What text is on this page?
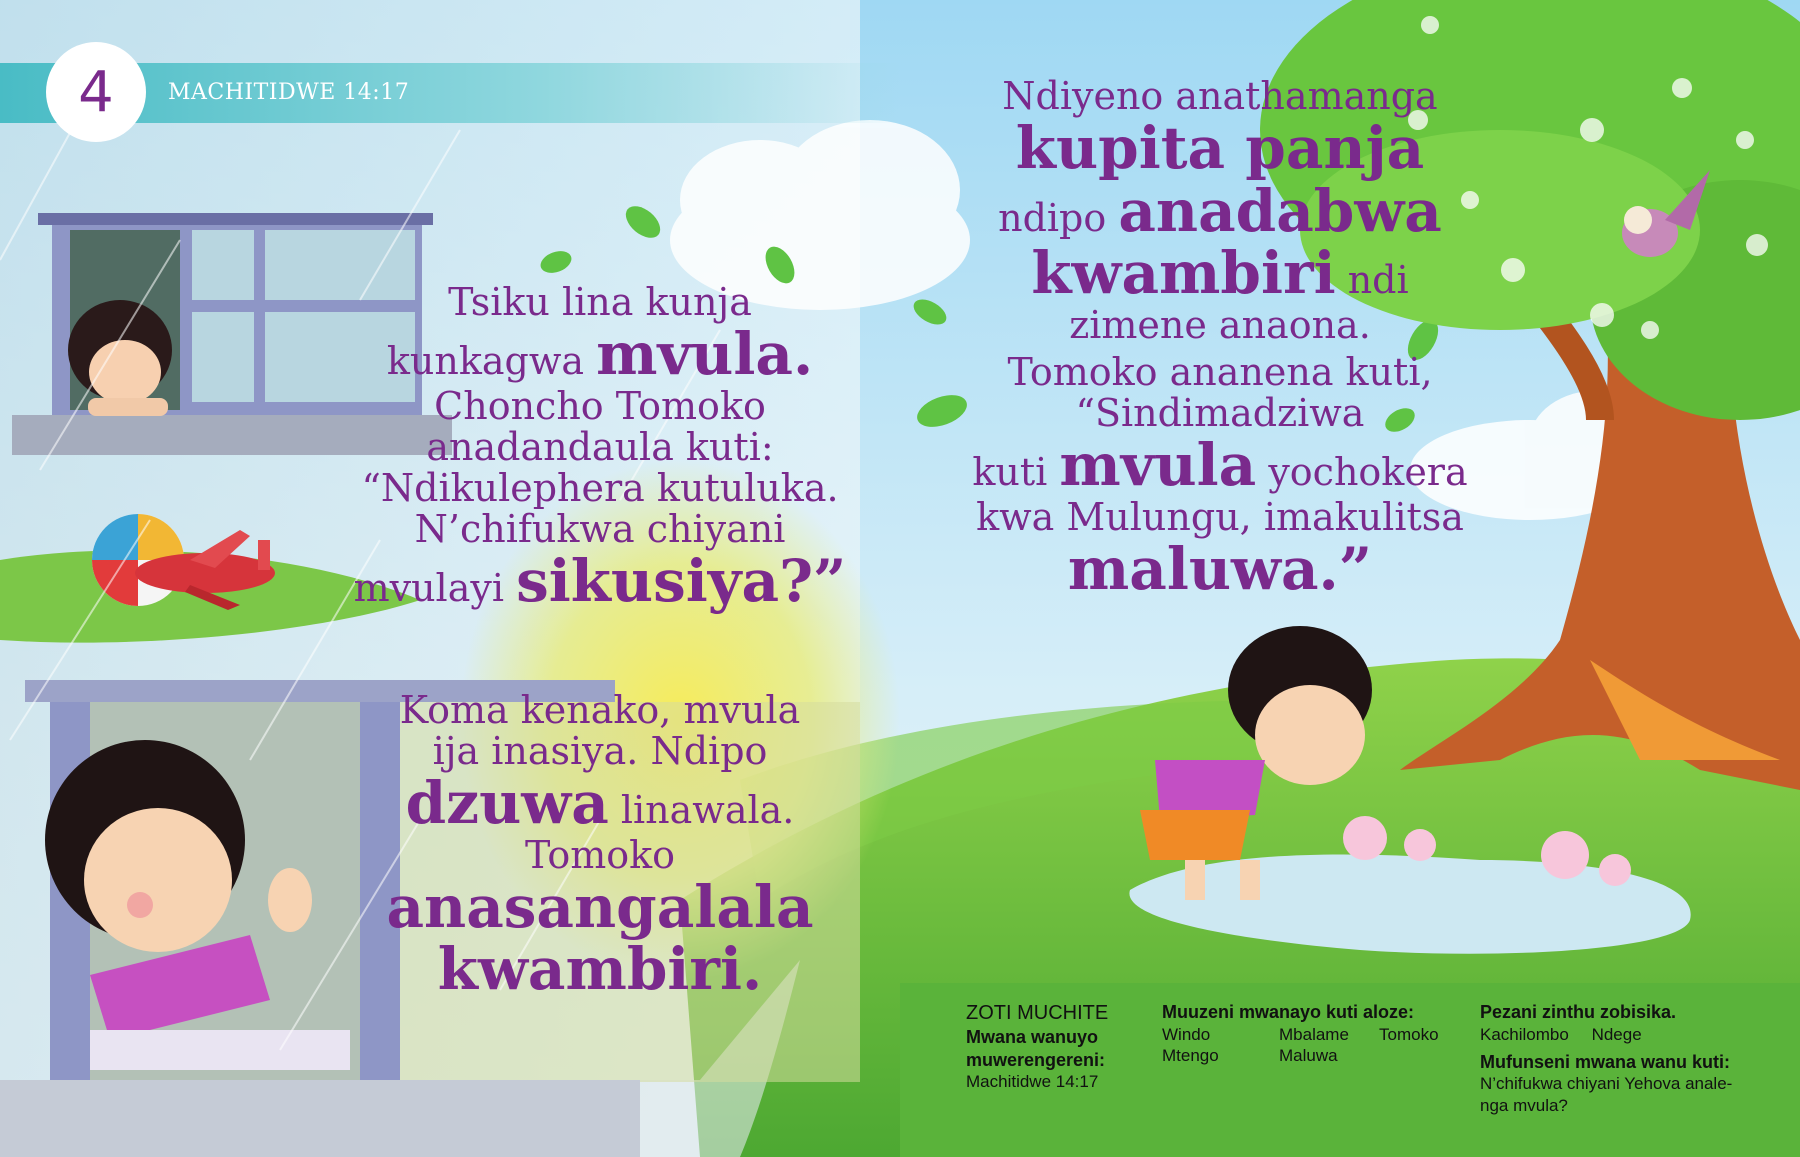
4	MACHITIDWE 14:17
Tsiku lina kunja
kunkagwa mvula.
Choncho Tomoko
anadandaula kuti:
“Ndikulephera kutuluka.
N’chifukwa chiyani
mvulayi sikusiya?”
Koma kenako, mvula
ija inasiya. Ndipo
dzuwa linawala.
Tomoko
anasangalala
kwambiri.
Ndiyeno anathamanga
kupita panja
ndipo anadabwa
kwambiri ndi
zimene anaona.
Tomoko ananena kuti,
“Sindimadziwa
kuti mvula yochokera
kwa Mulungu, imakulitsa
maluwa.”
ZOTI MUCHITE
Mwana wanuyo
muwerengereni:
Machitidwe 14:17
Muuzeni mwanayo kuti aloze:
Windo	Mbalame	Tomoko
Mtengo	Maluwa
Pezani zinthu zobisika.
Kachilombo Ndege
Mufunseni mwana wanu kuti:
N’chifukwa chiyani Yehova anale-
nga mvula?
